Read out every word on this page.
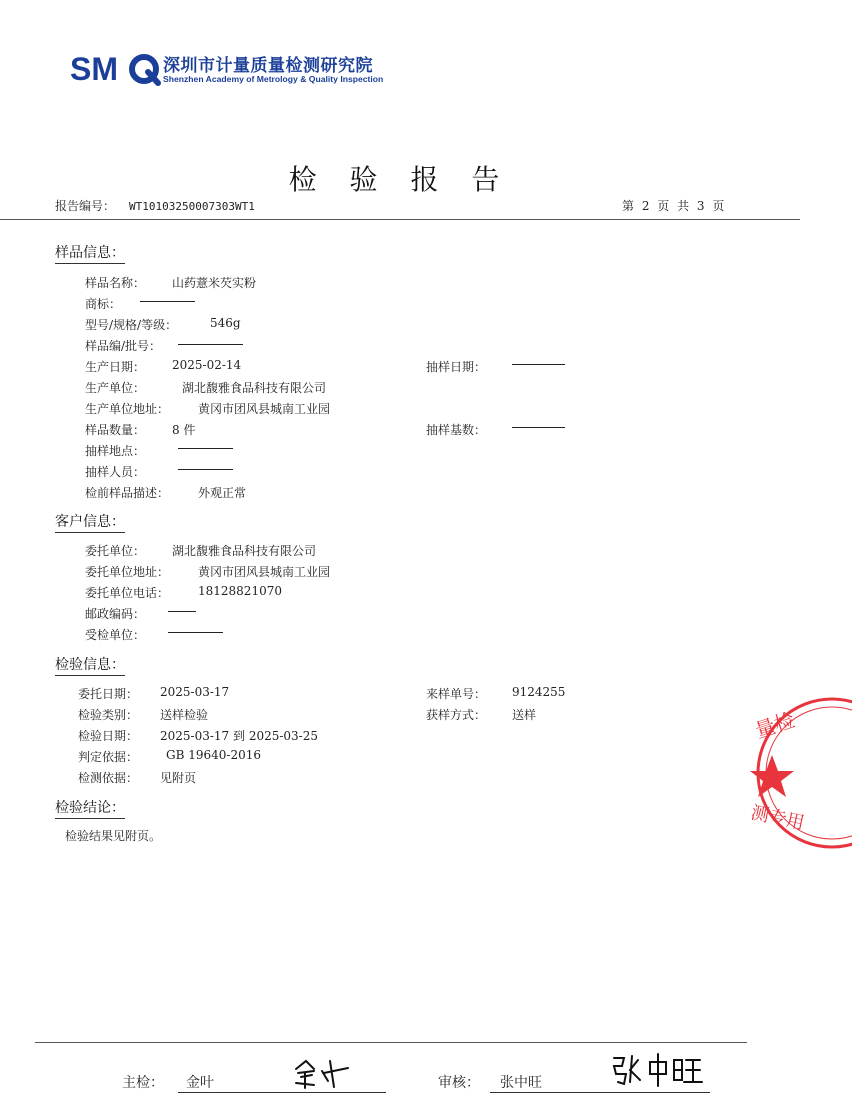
SM	深圳市计量质量检测研究院
Shenzhen Academy of Metrology & Quality Inspection
检 验 报 告
报告编号： WT10103250007303WT1	第 2 页 共 3 页
样品信息：
样品名称： 山药薏米芡实粉
商标：
型号/规格/等级：	546g
样品编/批号：
生产日期： 2025-02-14	抽样日期：
生产单位：	湖北馥雅食品科技有限公司
生产单位地址： 黄冈市团风县城南工业园
样品数量： 8 件	抽样基数：
抽样地点：
抽样人员：
检前样品描述： 外观正常
客户信息：
委托单位： 湖北馥雅食品科技有限公司
委托单位地址： 黄冈市团风县城南工业园
委托单位电话： 18128821070
邮政编码：
受检单位：
检验信息：
委托日期： 2025-03-17	来样单号： 9124255
检验类别： 送样检验	获样方式： 送样
检验日期： 2025-03-17 到 2025-03-25
判定依据： GB 19640-2016
检测依据： 见附页
检验结论：
检验结果见附页。
量检
测专用
主检： 金叶	审核： 张中旺
